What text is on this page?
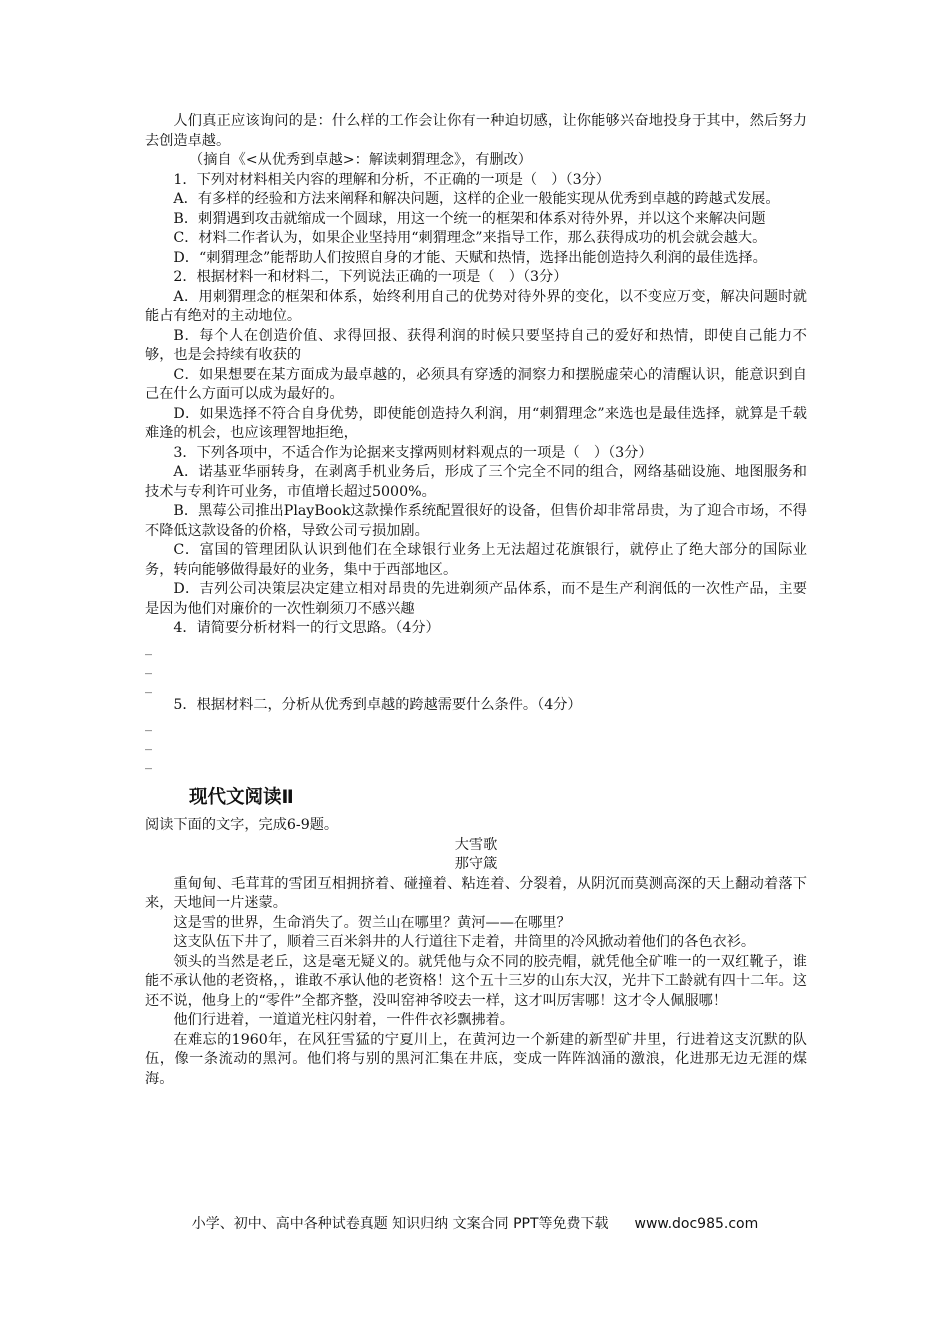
人们真正应该询问的是：什么样的工作会让你有一种迫切感，让你能够兴奋地投身于其中，然后努力去创造卓越。

（摘自《<从优秀到卓越>：解读刺猬理念》，有删改）

1．下列对材料相关内容的理解和分析，不正确的一项是（　）（3分）

A．有多样的经验和方法来阐释和解决问题，这样的企业一般能实现从优秀到卓越的跨越式发展。

B．刺猬遇到攻击就缩成一个圆球，用这一个统一的框架和体系对待外界，并以这个来解决问题

C．材料二作者认为，如果企业坚持用“刺猬理念”来指导工作，那么获得成功的机会就会越大。

D．“刺猬理念”能帮助人们按照自身的才能、天赋和热情，选择出能创造持久利润的最佳选择。

2．根据材料一和材料二，下列说法正确的一项是（　）（3分）

A．用刺猬理念的框架和体系，始终利用自己的优势对待外界的变化，以不变应万变，解决问题时就能占有绝对的主动地位。

B．每个人在创造价值、求得回报、获得利润的时候只要坚持自己的爱好和热情，即使自己能力不够，也是会持续有收获的

C．如果想要在某方面成为最卓越的，必须具有穿透的洞察力和摆脱虚荣心的清醒认识，能意识到自己在什么方面可以成为最好的。

D．如果选择不符合自身优势，即使能创造持久利润，用“刺猬理念”来选也是最佳选择，就算是千载难逢的机会，也应该理智地拒绝，

3．下列各项中，不适合作为论据来支撑两则材料观点的一项是（　）（3分）

A．诺基亚华丽转身，在剥离手机业务后，形成了三个完全不同的组合，网络基础设施、地图服务和技术与专利许可业务，市值增长超过5000%。

B．黑莓公司推出PlayBook这款操作系统配置很好的设备，但售价却非常昂贵，为了迎合市场，不得不降低这款设备的价格，导致公司亏损加剧。

C．富国的管理团队认识到他们在全球银行业务上无法超过花旗银行，就停止了绝大部分的国际业务，转向能够做得最好的业务，集中于西部地区。

D．吉列公司决策层决定建立相对昂贵的先进剃须产品体系，而不是生产利润低的一次性产品，主要是因为他们对廉价的一次性剃须刀不感兴趣

4．请简要分析材料一的行文思路。（4分）

_
_
_

5．根据材料二，分析从优秀到卓越的跨越需要什么条件。（4分）

_
_
_
现代文阅读Ⅱ

阅读下面的文字，完成6-9题。

大雪歌

那守箴

重甸甸、毛茸茸的雪团互相拥挤着、碰撞着、粘连着、分裂着，从阴沉而莫测高深的天上翻动着落下来，天地间一片迷蒙。

这是雪的世界，生命消失了。贺兰山在哪里？黄河——在哪里？

这支队伍下井了，顺着三百米斜井的人行道往下走着，井筒里的冷风掀动着他们的各色衣衫。

领头的当然是老丘，这是毫无疑义的。就凭他与众不同的胶壳帽，就凭他全矿唯一的一双红靴子，谁能不承认他的老资格，，谁敢不承认他的老资格！这个五十三岁的山东大汉，光井下工龄就有四十二年。这还不说，他身上的“零件”全都齐整，没叫窑神爷咬去一样，这才叫厉害哪！这才令人佩服哪！

他们行进着，一道道光柱闪射着，一件件衣衫飘拂着。

在难忘的1960年，在风狂雪猛的宁夏川上，在黄河边一个新建的新型矿井里，行进着这支沉默的队伍，像一条流动的黑河。他们将与别的黑河汇集在井底，变成一阵阵汹涌的激浪，化进那无边无涯的煤海。

小学、初中、高中各种试卷真题 知识归纳 文案合同 PPT等免费下载 www.doc985.com
